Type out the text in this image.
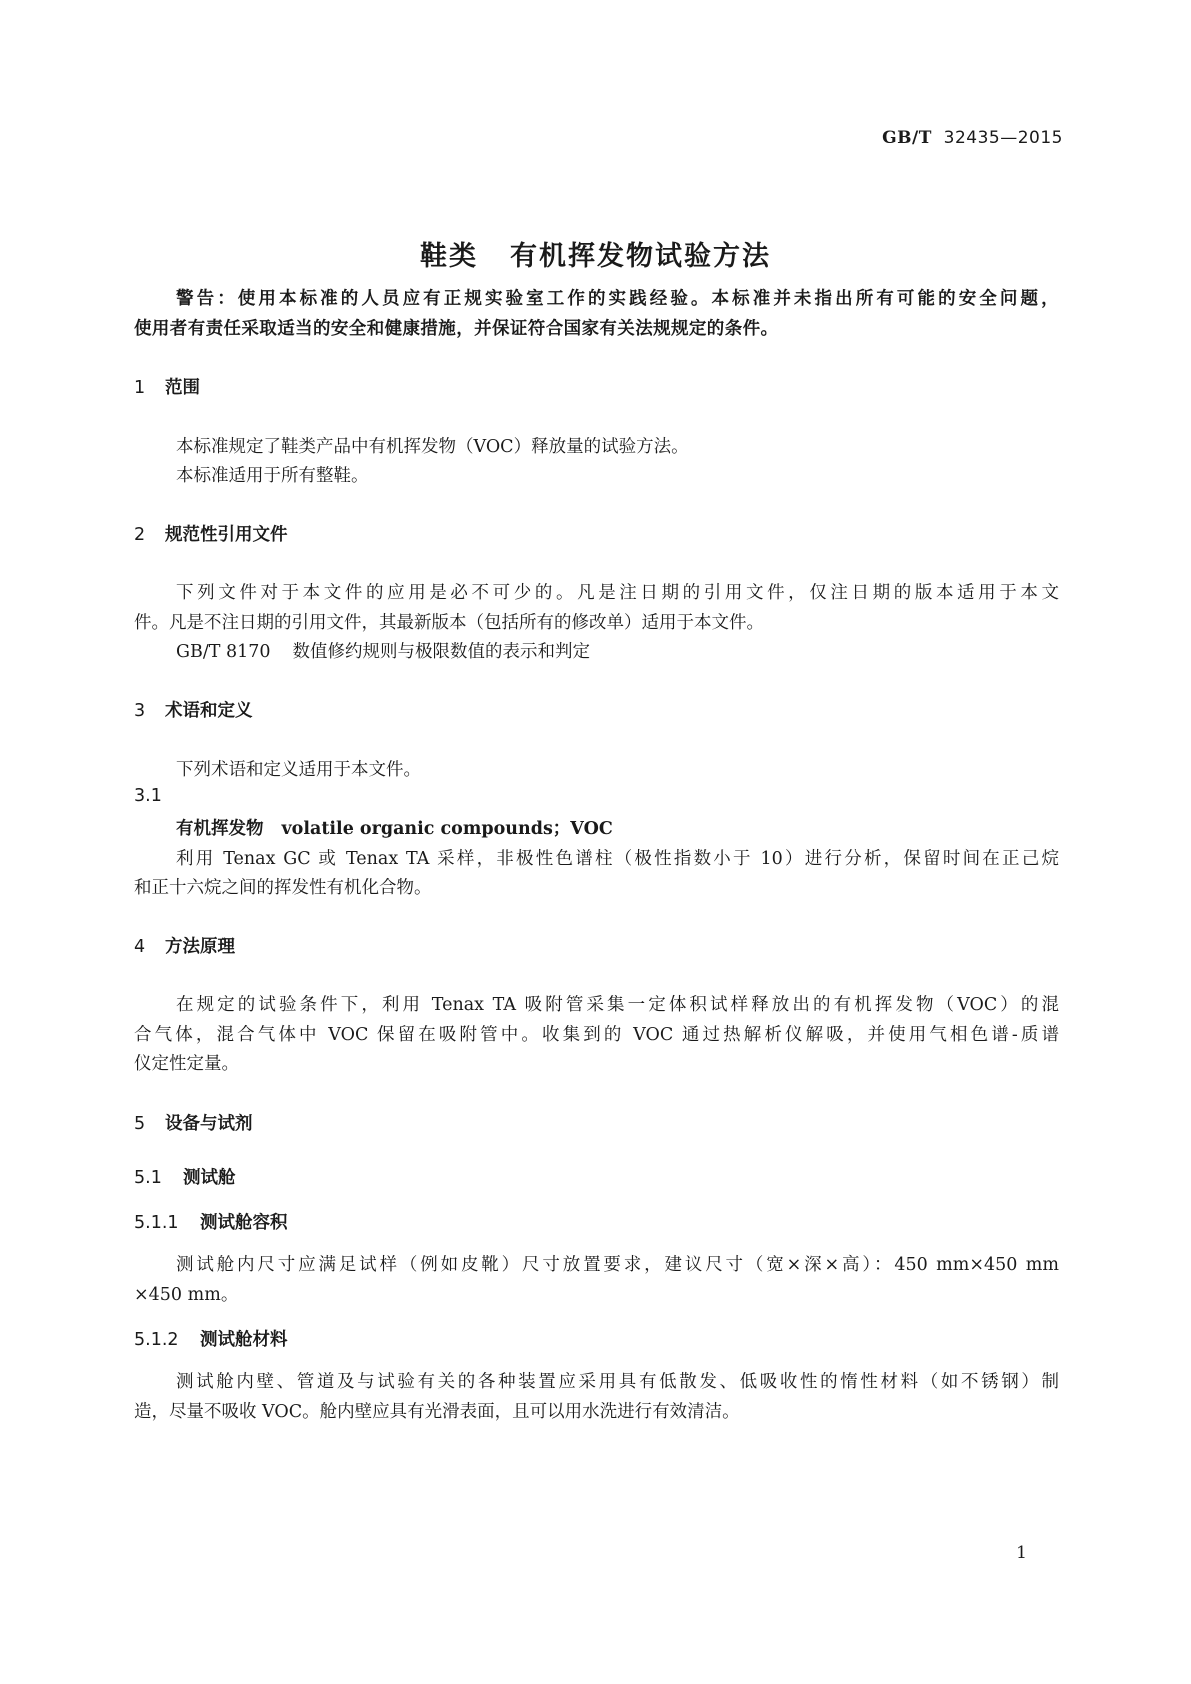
GB/T 32435—2015
鞋类 有机挥发物试验方法
警告：使用本标准的人员应有正规实验室工作的实践经验。本标准并未指出所有可能的安全问题，
使用者有责任采取适当的安全和健康措施，并保证符合国家有关法规规定的条件。
1 范围
本标准规定了鞋类产品中有机挥发物（VOC）释放量的试验方法。
本标准适用于所有整鞋。
2 规范性引用文件
下列文件对于本文件的应用是必不可少的。凡是注日期的引用文件，仅注日期的版本适用于本文
件。凡是不注日期的引用文件，其最新版本（包括所有的修改单）适用于本文件。
GB/T 8170 数值修约规则与极限数值的表示和判定
3 术语和定义
下列术语和定义适用于本文件。
3.1
有机挥发物 volatile organic compounds；VOC
利用 Tenax GC 或 Tenax TA 采样，非极性色谱柱（极性指数小于 10）进行分析，保留时间在正己烷
和正十六烷之间的挥发性有机化合物。
4 方法原理
在规定的试验条件下，利用 Tenax TA 吸附管采集一定体积试样释放出的有机挥发物（VOC）的混
合气体，混合气体中 VOC 保留在吸附管中。收集到的 VOC 通过热解析仪解吸，并使用气相色谱-质谱
仪定性定量。
5 设备与试剂
5.1 测试舱
5.1.1 测试舱容积
测试舱内尺寸应满足试样（例如皮靴）尺寸放置要求，建议尺寸（宽×深×高）：450 mm×450 mm
×450 mm。
5.1.2 测试舱材料
测试舱内壁、管道及与试验有关的各种装置应采用具有低散发、低吸收性的惰性材料（如不锈钢）制
造，尽量不吸收 VOC。舱内壁应具有光滑表面，且可以用水洗进行有效清洁。
1
